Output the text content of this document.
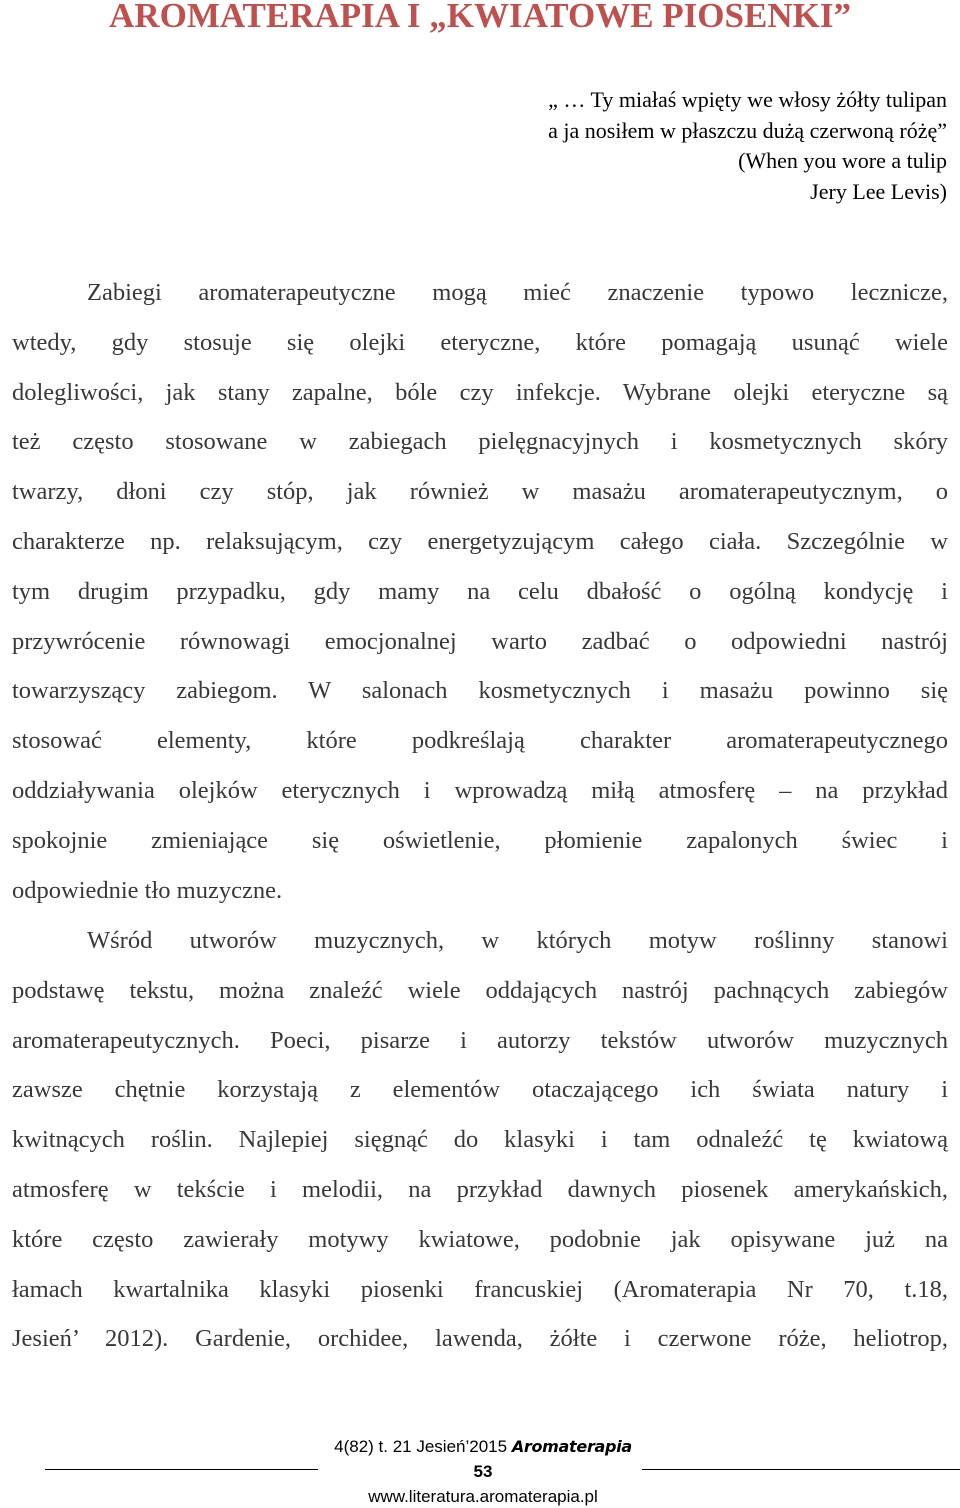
AROMATERAPIA I „KWIATOWE PIOSENKI”
„ … Ty miałaś wpięty we włosy żółty tulipan
a ja nosiłem w płaszczu dużą czerwoną różę”
(When you wore a tulip
Jery Lee Levis)
Zabiegi aromaterapeutyczne mogą mieć znaczenie typowo lecznicze,
wtedy, gdy stosuje się olejki eteryczne, które pomagają usunąć wiele
dolegliwości, jak stany zapalne, bóle czy infekcje. Wybrane olejki eteryczne są
też często stosowane w zabiegach pielęgnacyjnych i kosmetycznych skóry
twarzy, dłoni czy stóp, jak również w masażu aromaterapeutycznym, o
charakterze np. relaksującym, czy energetyzującym całego ciała. Szczególnie w
tym drugim przypadku, gdy mamy na celu dbałość o ogólną kondycję i
przywrócenie równowagi emocjonalnej warto zadbać o odpowiedni nastrój
towarzyszący zabiegom. W salonach kosmetycznych i masażu powinno się
stosować elementy, które podkreślają charakter aromaterapeutycznego
oddziaływania olejków eterycznych i wprowadzą miłą atmosferę – na przykład
spokojnie zmieniające się oświetlenie, płomienie zapalonych świec i
odpowiednie tło muzyczne.
Wśród utworów muzycznych, w których motyw roślinny stanowi
podstawę tekstu, można znaleźć wiele oddających nastrój pachnących zabiegów
aromaterapeutycznych. Poeci, pisarze i autorzy tekstów utworów muzycznych
zawsze chętnie korzystają z elementów otaczającego ich świata natury i
kwitnących roślin. Najlepiej sięgnąć do klasyki i tam odnaleźć tę kwiatową
atmosferę w tekście i melodii, na przykład dawnych piosenek amerykańskich,
które często zawierały motywy kwiatowe, podobnie jak opisywane już na
łamach kwartalnika klasyki piosenki francuskiej (Aromaterapia Nr 70, t.18,
Jesień’ 2012). Gardenie, orchidee, lawenda, żółte i czerwone róże, heliotrop,
4(82) t. 21 Jesień’2015 Aromaterapia
53
www.literatura.aromaterapia.pl
